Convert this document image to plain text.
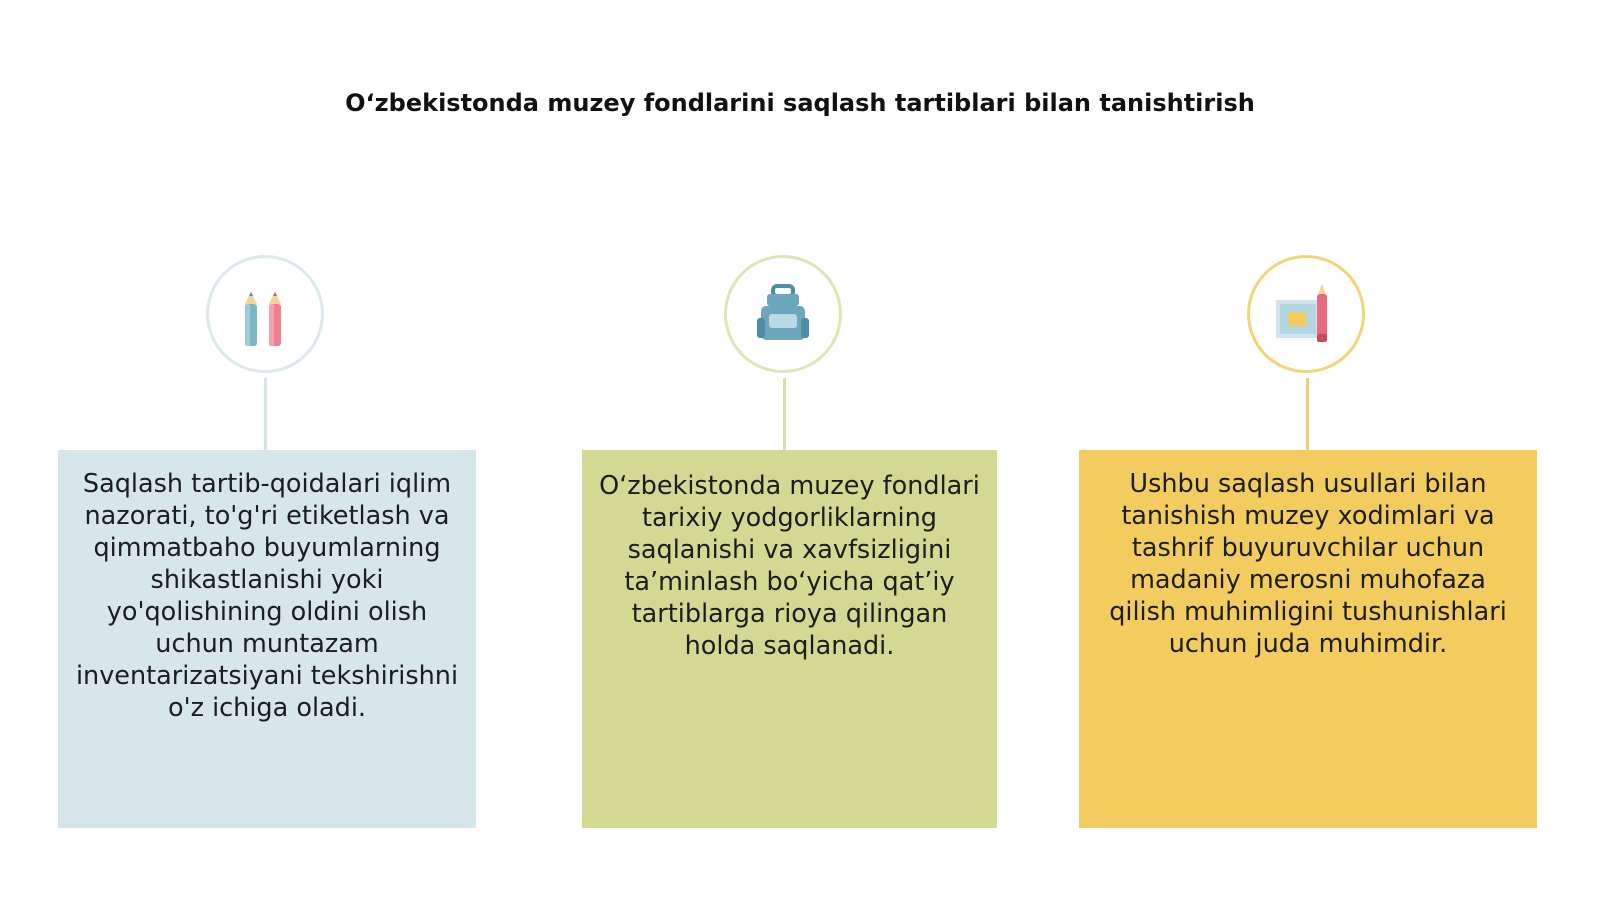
O‘zbekistonda muzey fondlarini saqlash tartiblari bilan tanishtirish
Saqlash tartib-qoidalari iqlim nazorati, to'g'ri etiketlash va qimmatbaho buyumlarning shikastlanishi yoki yo'qolishining oldini olish uchun muntazam inventarizatsiyani tekshirishni o'z ichiga oladi.
O‘zbekistonda muzey fondlari tarixiy yodgorliklarning saqlanishi va xavfsizligini ta’minlash bo‘yicha qat’iy tartiblarga rioya qilingan holda saqlanadi.
Ushbu saqlash usullari bilan tanishish muzey xodimlari va tashrif buyuruvchilar uchun madaniy merosni muhofaza qilish muhimligini tushunishlari uchun juda muhimdir.
